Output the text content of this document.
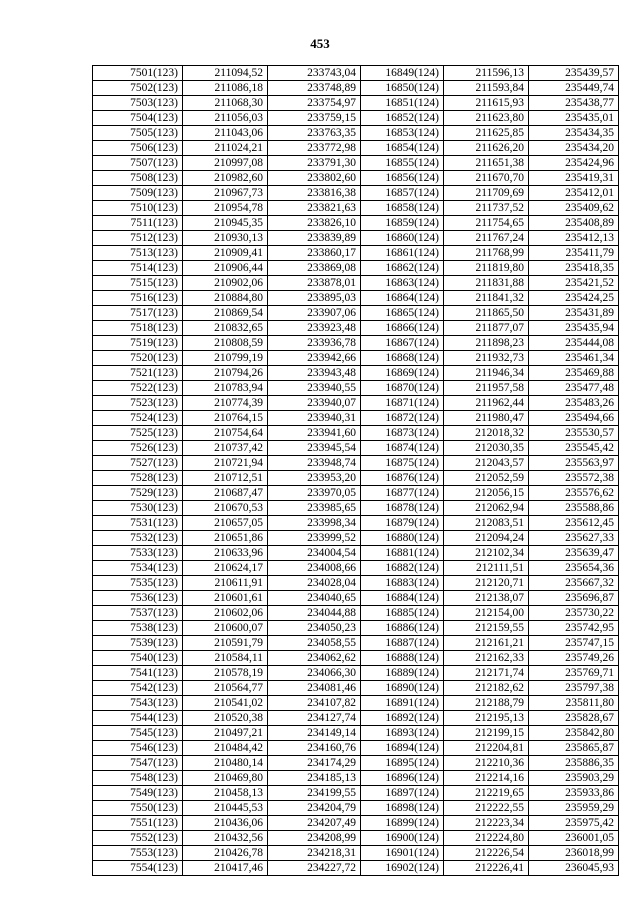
453
7501(123)	211094,52	233743,04	16849(124)	211596,13	235439,57
7502(123)	211086,18	233748,89	16850(124)	211593,84	235449,74
7503(123)	211068,30	233754,97	16851(124)	211615,93	235438,77
7504(123)	211056,03	233759,15	16852(124)	211623,80	235435,01
7505(123)	211043,06	233763,35	16853(124)	211625,85	235434,35
7506(123)	211024,21	233772,98	16854(124)	211626,20	235434,20
7507(123)	210997,08	233791,30	16855(124)	211651,38	235424,96
7508(123)	210982,60	233802,60	16856(124)	211670,70	235419,31
7509(123)	210967,73	233816,38	16857(124)	211709,69	235412,01
7510(123)	210954,78	233821,63	16858(124)	211737,52	235409,62
7511(123)	210945,35	233826,10	16859(124)	211754,65	235408,89
7512(123)	210930,13	233839,89	16860(124)	211767,24	235412,13
7513(123)	210909,41	233860,17	16861(124)	211768,99	235411,79
7514(123)	210906,44	233869,08	16862(124)	211819,80	235418,35
7515(123)	210902,06	233878,01	16863(124)	211831,88	235421,52
7516(123)	210884,80	233895,03	16864(124)	211841,32	235424,25
7517(123)	210869,54	233907,06	16865(124)	211865,50	235431,89
7518(123)	210832,65	233923,48	16866(124)	211877,07	235435,94
7519(123)	210808,59	233936,78	16867(124)	211898,23	235444,08
7520(123)	210799,19	233942,66	16868(124)	211932,73	235461,34
7521(123)	210794,26	233943,48	16869(124)	211946,34	235469,88
7522(123)	210783,94	233940,55	16870(124)	211957,58	235477,48
7523(123)	210774,39	233940,07	16871(124)	211962,44	235483,26
7524(123)	210764,15	233940,31	16872(124)	211980,47	235494,66
7525(123)	210754,64	233941,60	16873(124)	212018,32	235530,57
7526(123)	210737,42	233945,54	16874(124)	212030,35	235545,42
7527(123)	210721,94	233948,74	16875(124)	212043,57	235563,97
7528(123)	210712,51	233953,20	16876(124)	212052,59	235572,38
7529(123)	210687,47	233970,05	16877(124)	212056,15	235576,62
7530(123)	210670,53	233985,65	16878(124)	212062,94	235588,86
7531(123)	210657,05	233998,34	16879(124)	212083,51	235612,45
7532(123)	210651,86	233999,52	16880(124)	212094,24	235627,33
7533(123)	210633,96	234004,54	16881(124)	212102,34	235639,47
7534(123)	210624,17	234008,66	16882(124)	212111,51	235654,36
7535(123)	210611,91	234028,04	16883(124)	212120,71	235667,32
7536(123)	210601,61	234040,65	16884(124)	212138,07	235696,87
7537(123)	210602,06	234044,88	16885(124)	212154,00	235730,22
7538(123)	210600,07	234050,23	16886(124)	212159,55	235742,95
7539(123)	210591,79	234058,55	16887(124)	212161,21	235747,15
7540(123)	210584,11	234062,62	16888(124)	212162,33	235749,26
7541(123)	210578,19	234066,30	16889(124)	212171,74	235769,71
7542(123)	210564,77	234081,46	16890(124)	212182,62	235797,38
7543(123)	210541,02	234107,82	16891(124)	212188,79	235811,80
7544(123)	210520,38	234127,74	16892(124)	212195,13	235828,67
7545(123)	210497,21	234149,14	16893(124)	212199,15	235842,80
7546(123)	210484,42	234160,76	16894(124)	212204,81	235865,87
7547(123)	210480,14	234174,29	16895(124)	212210,36	235886,35
7548(123)	210469,80	234185,13	16896(124)	212214,16	235903,29
7549(123)	210458,13	234199,55	16897(124)	212219,65	235933,86
7550(123)	210445,53	234204,79	16898(124)	212222,55	235959,29
7551(123)	210436,06	234207,49	16899(124)	212223,34	235975,42
7552(123)	210432,56	234208,99	16900(124)	212224,80	236001,05
7553(123)	210426,78	234218,31	16901(124)	212226,54	236018,99
7554(123)	210417,46	234227,72	16902(124)	212226,41	236045,93
